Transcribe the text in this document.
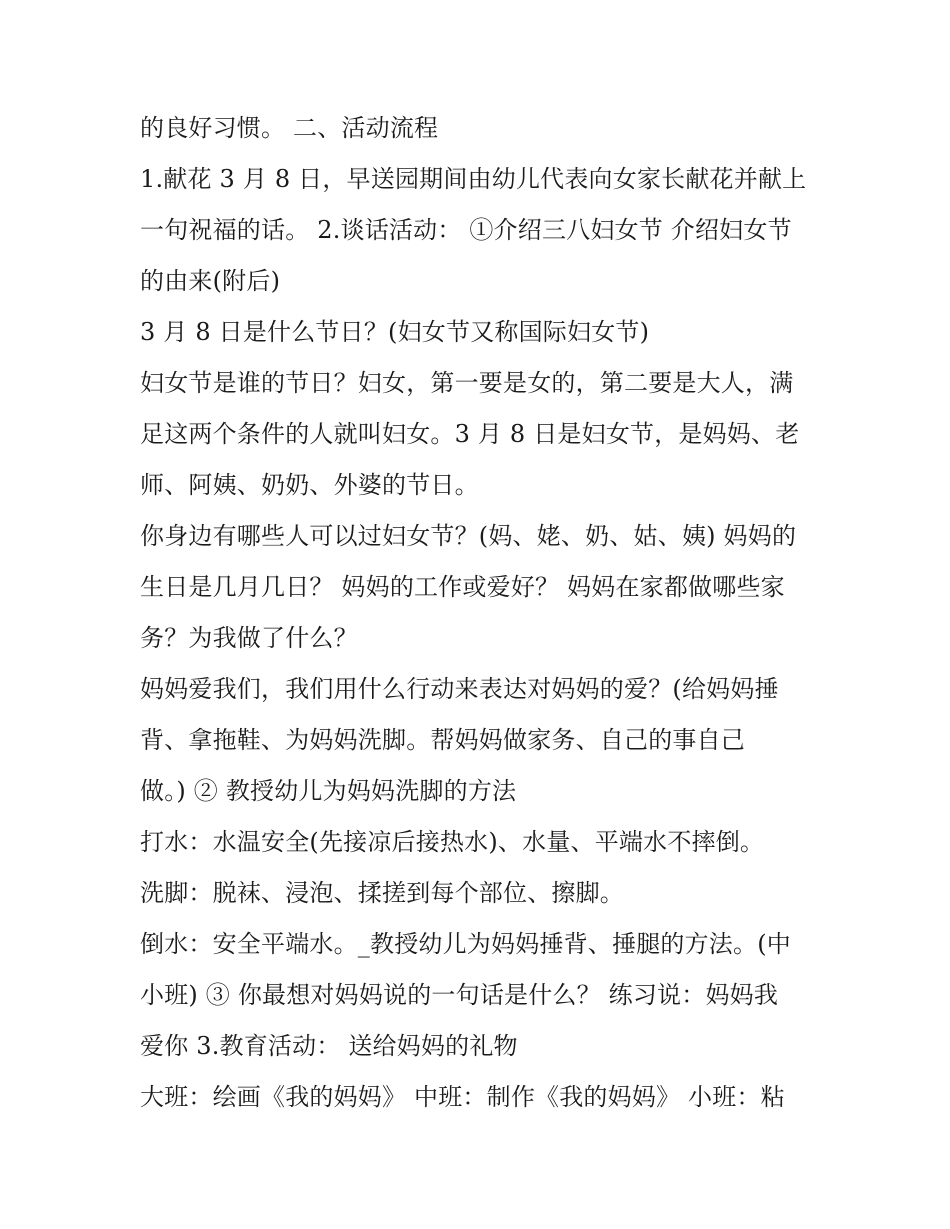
的良好习惯。 二、活动流程
1.献花 3 月 8 日，早送园期间由幼儿代表向女家长献花并献上
一句祝福的话。 2.谈话活动： ①介绍三八妇女节 介绍妇女节
的由来(附后)
3 月 8 日是什么节日？(妇女节又称国际妇女节)
妇女节是谁的节日？妇女，第一要是女的，第二要是大人，满
足这两个条件的人就叫妇女。3 月 8 日是妇女节，是妈妈、老
师、阿姨、奶奶、外婆的节日。
你身边有哪些人可以过妇女节？(妈、姥、奶、姑、姨) 妈妈的
生日是几月几日？ 妈妈的工作或爱好？ 妈妈在家都做哪些家
务？为我做了什么？
妈妈爱我们，我们用什么行动来表达对妈妈的爱？(给妈妈捶
背、拿拖鞋、为妈妈洗脚。帮妈妈做家务、自己的事自己
做。) ② 教授幼儿为妈妈洗脚的方法
打水：水温安全(先接凉后接热水)、水量、平端水不摔倒。
洗脚：脱袜、浸泡、揉搓到每个部位、擦脚。
倒水：安全平端水。_教授幼儿为妈妈捶背、捶腿的方法。(中
小班) ③ 你最想对妈妈说的一句话是什么？ 练习说：妈妈我
爱你 3.教育活动： 送给妈妈的礼物
大班：绘画《我的妈妈》 中班：制作《我的妈妈》 小班：粘
